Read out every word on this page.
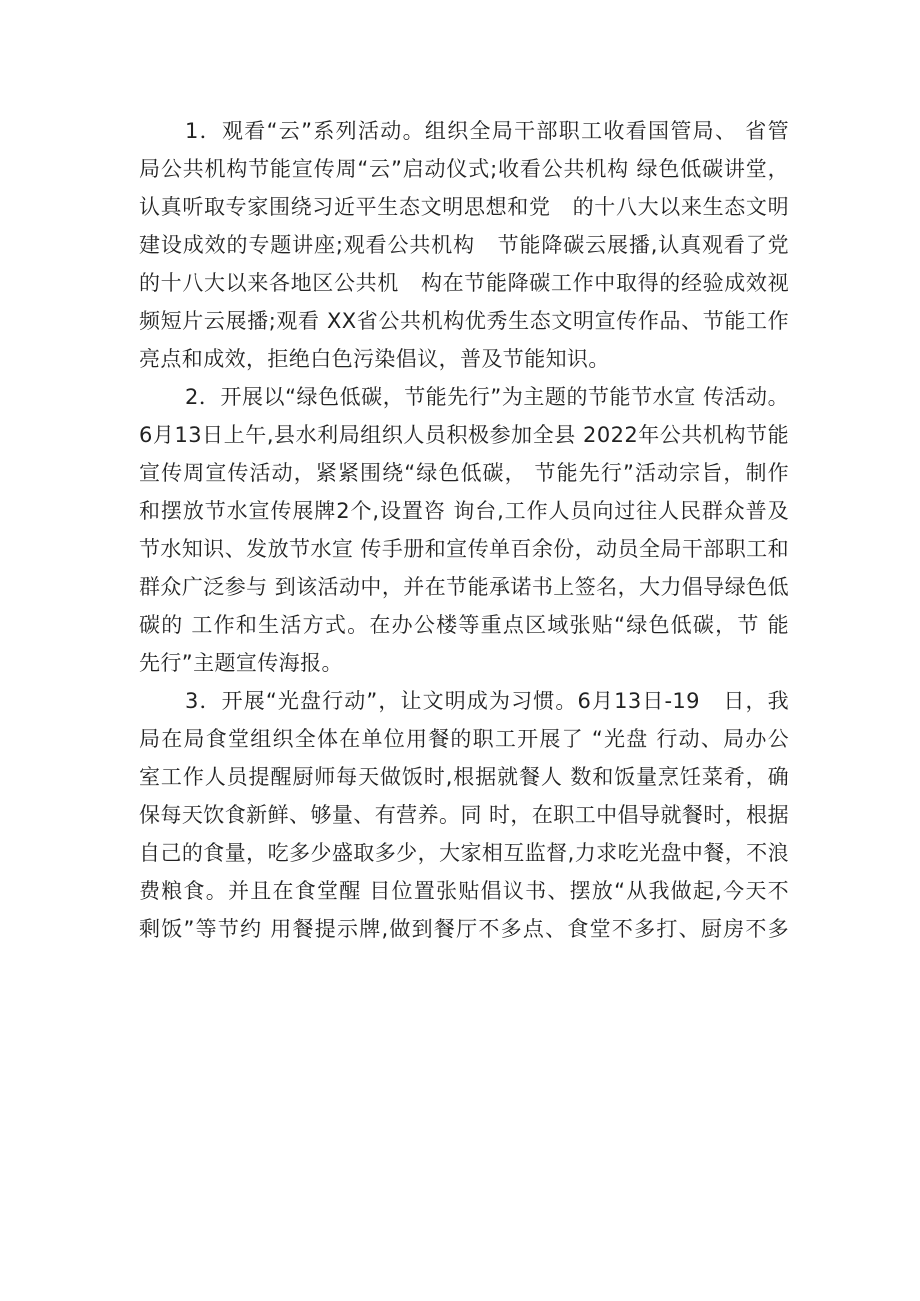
1．观看“云”系列活动。组织全局干部职工收看国管局、 省管

局公共机构节能宣传周“云”启动仪式;收看公共机构 绿色低碳讲堂，

认真听取专家围绕习近平生态文明思想和党   的十八大以来生态文明

建设成效的专题讲座;观看公共机构   节能降碳云展播,认真观看了党

的十八大以来各地区公共机   构在节能降碳工作中取得的经验成效视

频短片云展播;观看 XX省公共机构优秀生态文明宣传作品、节能工作

亮点和成效，拒绝白色污染倡议，普及节能知识。

2．开展以“绿色低碳，节能先行”为主题的节能节水宣 传活动。

6月13日上午,县水利局组织人员积极参加全县 2022年公共机构节能

宣传周宣传活动，紧紧围绕“绿色低碳， 节能先行”活动宗旨，制作

和摆放节水宣传展牌2个,设置咨 询台,工作人员向过往人民群众普及

节水知识、发放节水宣 传手册和宣传单百余份，动员全局干部职工和

群众广泛参与 到该活动中，并在节能承诺书上签名，大力倡导绿色低

碳的 工作和生活方式。在办公楼等重点区域张贴“绿色低碳，节 能

先行”主题宣传海报。

3．开展“光盘行动”，让文明成为习惯。6月13日-19   日，我

局在局食堂组织全体在单位用餐的职工开展了 “光盘 行动、局办公

室工作人员提醒厨师每天做饭时,根据就餐人 数和饭量烹饪菜肴，确

保每天饮食新鲜、够量、有营养。同 时，在职工中倡导就餐时，根据

自己的食量，吃多少盛取多少，大家相互监督,力求吃光盘中餐，不浪

费粮食。并且在食堂醒 目位置张贴倡议书、摆放“从我做起,今天不

剩饭”等节约 用餐提示牌,做到餐厅不多点、食堂不多打、厨房不多
